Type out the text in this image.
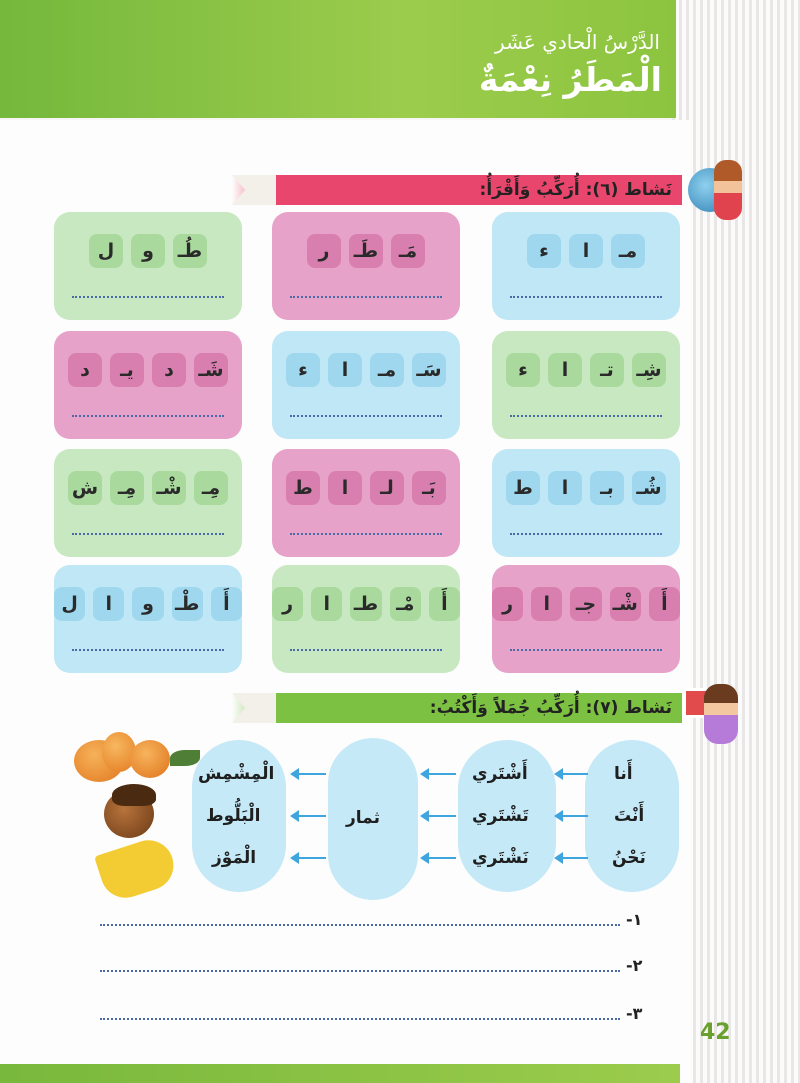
الدَّرْسُ الْحادي عَشَر
الْمَطَرُ نِعْمَةٌ
نَشاط (٦): أُرَكِّبُ وَأَقْرَأُ:
مـ
ا
ء
مَـ
طَـ
ر
طُـ
و
ل
شِـ
تـ
ا
ء
سَـ
مـ
ا
ء
شَـ
د
يـ
د
شُـ
بـ
ا
ط
بَـ
لـ
ا
ط
مِـ
شْـ
مِـ
ش
أَ
شْـ
جـ
ا
ر
أَ
مْـ
طـ
ا
ر
أَ
طْـ
و
ا
ل
نَشاط (٧): أُرَكِّبُ جُمَلاً وَأَكْتُبُ:
أَنا
أَنْتَ
نَحْنُ
أَشْتَري
تَشْتَري
نَشْتَري
ثمار
الْمِشْمِش
الْبَلُّوط
الْمَوْز
-١
-٢
-٣
42
